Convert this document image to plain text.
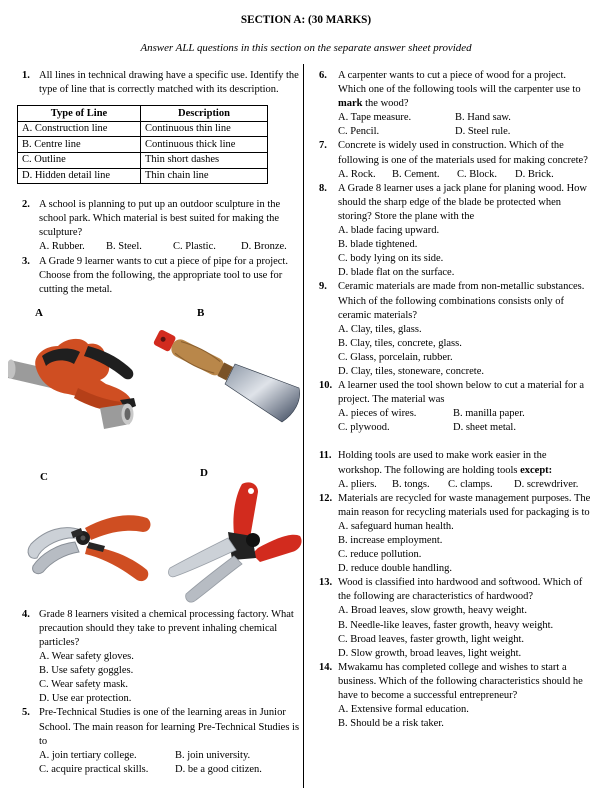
SECTION A: (30 MARKS)
Answer ALL questions in this section on the separate answer sheet provided
1. All lines in technical drawing have a specific use. Identify the type of line that is correctly matched with its description.
Type of Line	Description
A. Construction line	Continuous thin line
B. Centre line	Continuous thick line
C. Outline	Thin short dashes
D. Hidden detail line	Thin chain line
2. A school is planning to put up an outdoor sculpture in the school park. Which material is best suited for making the sculpture?
A. Rubber.	B. Steel.	C. Plastic.	D. Bronze.
3. A Grade 9 learner wants to cut a piece of pipe for a project. Choose from the following, the appropriate tool to use for cutting the metal.
A	B
C	D
4. Grade 8 learners visited a chemical processing factory. What precaution should they take to prevent inhaling chemical particles?
A. Wear safety gloves.
B. Use safety goggles.
C. Wear safety mask.
D. Use ear protection.
5. Pre-Technical Studies is one of the learning areas in Junior School. The main reason for learning Pre-Technical Studies is to
A. join tertiary college.	B. join university.
C. acquire practical skills.	D. be a good citizen.
6.	A carpenter wants to cut a piece of wood for a project. Which one of the following tools will the carpenter use to mark the wood?
A. Tape measure.	B. Hand saw.
C. Pencil.	D. Steel rule.
7.	Concrete is widely used in construction. Which of the following is one of the materials used for making concrete?
A. Rock.	B. Cement.	C. Block.	D. Brick.
8.	A Grade 8 learner uses a jack plane for planing wood. How should the sharp edge of the blade be protected when storing? Store the plane with the
A. blade facing upward.
B. blade tightened.
C. body lying on its side.
D. blade flat on the surface.
9.	Ceramic materials are made from non-metallic substances. Which of the following combinations consists only of ceramic materials?
A. Clay, tiles, glass.
B. Clay, tiles, concrete, glass.
C. Glass, porcelain, rubber.
D. Clay, tiles, stoneware, concrete.
10. A learner used the tool shown below to cut a material for a project. The material was
A. pieces of wires.	B. manilla paper.
C. plywood.	D. sheet metal.
11. Holding tools are used to make work easier in the workshop. The following are holding tools except:
A. pliers.	B. tongs.	C. clamps.	D. screwdriver.
12. Materials are recycled for waste management purposes. The main reason for recycling materials used for packaging is to
A. safeguard human health.
B. increase employment.
C. reduce pollution.
D. reduce double handling.
13. Wood is classified into hardwood and softwood. Which of the following are characteristics of hardwood?
A. Broad leaves, slow growth, heavy weight.
B. Needle-like leaves, faster growth, heavy weight.
C. Broad leaves, faster growth, light weight.
D. Slow growth, broad leaves, light weight.
14. Mwakamu has completed college and wishes to start a business. Which of the following characteristics should he have to become a successful entrepreneur?
A. Extensive formal education.
B. Should be a risk taker.
